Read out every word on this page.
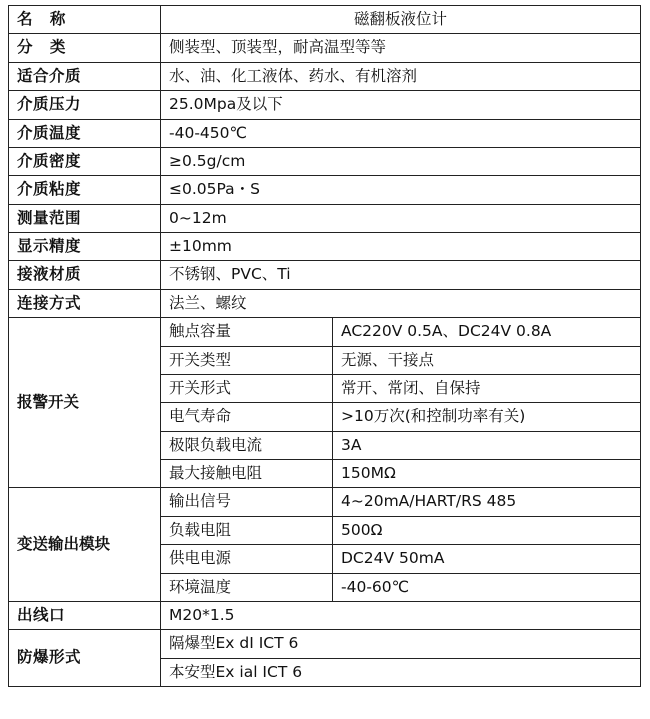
名 称	磁翻板液位计	
分 类	侧装型、顶装型，耐高温型等等	
适合介质	水、油、化工液体、药水、有机溶剂	
介质压力	25.0Mpa及以下	
介质温度	-40-450℃	
介质密度	≥0.5g/cm	
介质粘度	≤0.05Pa・S	
测量范围	0~12m	
显示精度	±10mm	
接液材质	不锈钢、PVC、Ti	
连接方式	法兰、螺纹	
报警开关	触点容量	AC220V 0.5A、DC24V 0.8A
	开关类型	无源、干接点
	开关形式	常开、常闭、自保持
	电气寿命	>10万次(和控制功率有关)
	极限负载电流	3A
	最大接触电阻	150MΩ
变送输出模块	输出信号	4~20mA/HART/RS 485
	负载电阻	500Ω
	供电电源	DC24V 50mA
	环境温度	-40-60℃
出线口	M20*1.5	
防爆形式	隔爆型Ex dI ICT 6	
	本安型Ex ial ICT 6	
